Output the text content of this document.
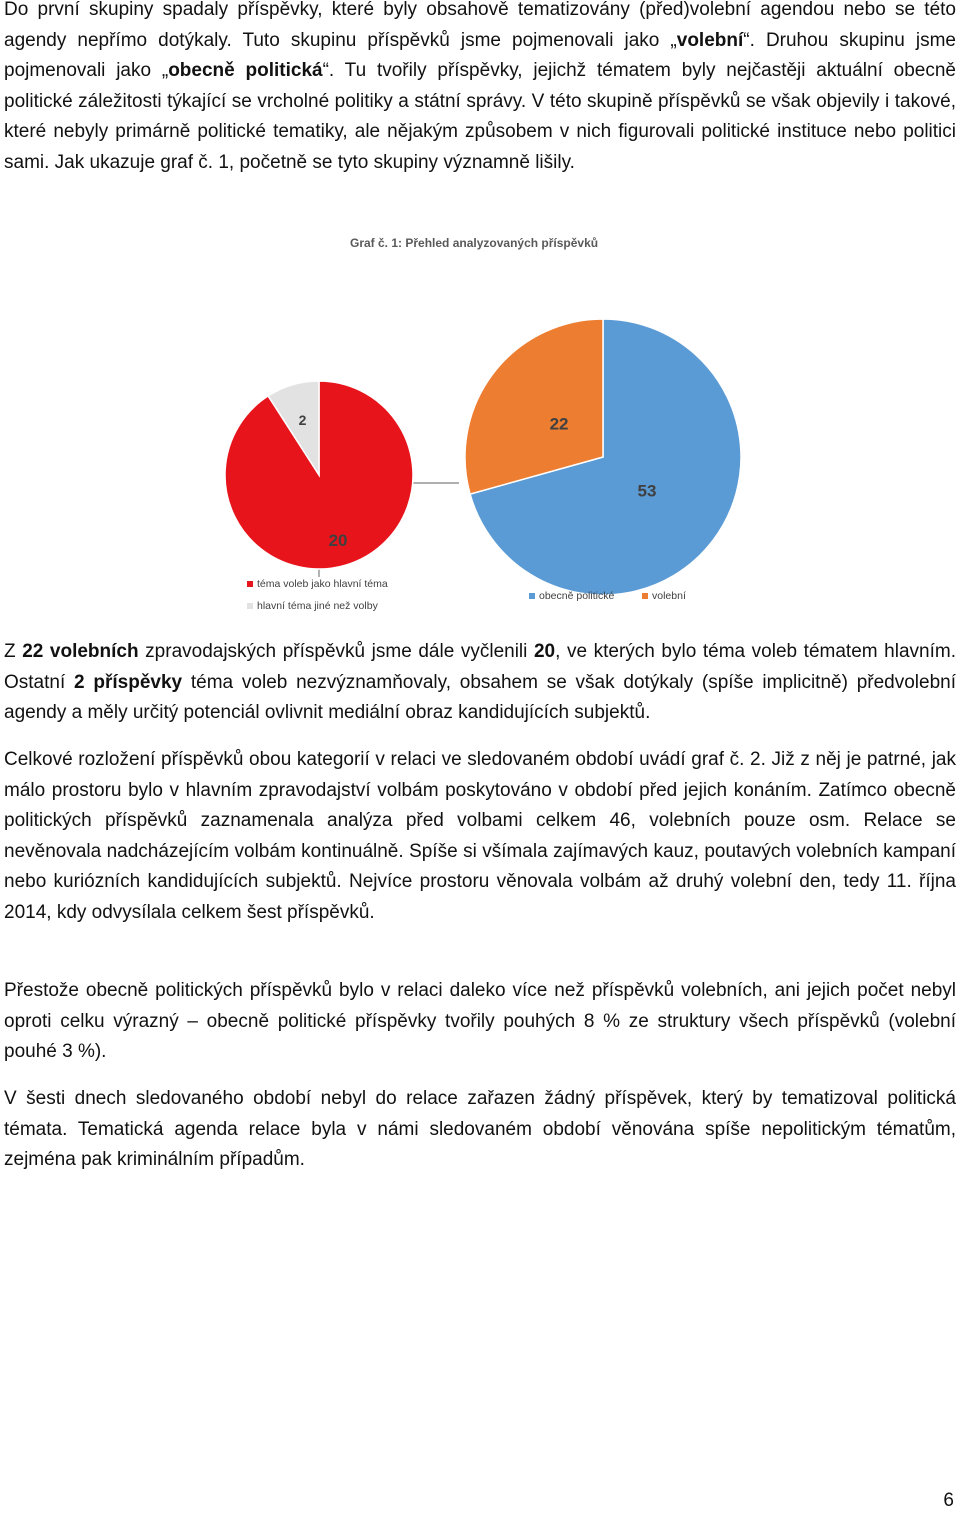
Do první skupiny spadaly příspěvky, které byly obsahově tematizovány (před)volební agendou nebo se této agendy nepřímo dotýkaly. Tuto skupinu příspěvků jsme pojmenovali jako „volební“. Druhou skupinu jsme pojmenovali jako „obecně politická“. Tu tvořily příspěvky, jejichž tématem byly nejčastěji aktuální obecně politické záležitosti týkající se vrcholné politiky a státní správy. V této skupině příspěvků se však objevily i takové, které nebyly primárně politické tematiky, ale nějakým způsobem v nich figurovali politické instituce nebo politici sami. Jak ukazuje graf č. 1, početně se tyto skupiny významně lišily.

Graf č. 1: Přehled analyzovaných příspěvků
20
2
53
22
téma voleb jako hlavní téma
hlavní téma jiné než volby
obecně politické	volební

Z 22 volebních zpravodajských příspěvků jsme dále vyčlenili 20, ve kterých bylo téma voleb tématem hlavním. Ostatní 2 příspěvky téma voleb nezvýznamňovaly, obsahem se však dotýkaly (spíše implicitně) předvolební agendy a měly určitý potenciál ovlivnit mediální obraz kandidujících subjektů.

Celkové rozložení příspěvků obou kategorií v relaci ve sledovaném období uvádí graf č. 2. Již z něj je patrné, jak málo prostoru bylo v hlavním zpravodajství volbám poskytováno v období před jejich konáním. Zatímco obecně politických příspěvků zaznamenala analýza před volbami celkem 46, volebních pouze osm. Relace se nevěnovala nadcházejícím volbám kontinuálně. Spíše si všímala zajímavých kauz, poutavých volebních kampaní nebo kuriózních kandidujících subjektů. Nejvíce prostoru věnovala volbám až druhý volební den, tedy 11. října 2014, kdy odvysílala celkem šest příspěvků.

Přestože obecně politických příspěvků bylo v relaci daleko více než příspěvků volebních, ani jejich počet nebyl oproti celku výrazný – obecně politické příspěvky tvořily pouhých 8 % ze struktury všech příspěvků (volební pouhé 3 %).

V šesti dnech sledovaného období nebyl do relace zařazen žádný příspěvek, který by tematizoval politická témata. Tematická agenda relace byla v námi sledovaném období věnována spíše nepolitickým tématům, zejména pak kriminálním případům.

6
